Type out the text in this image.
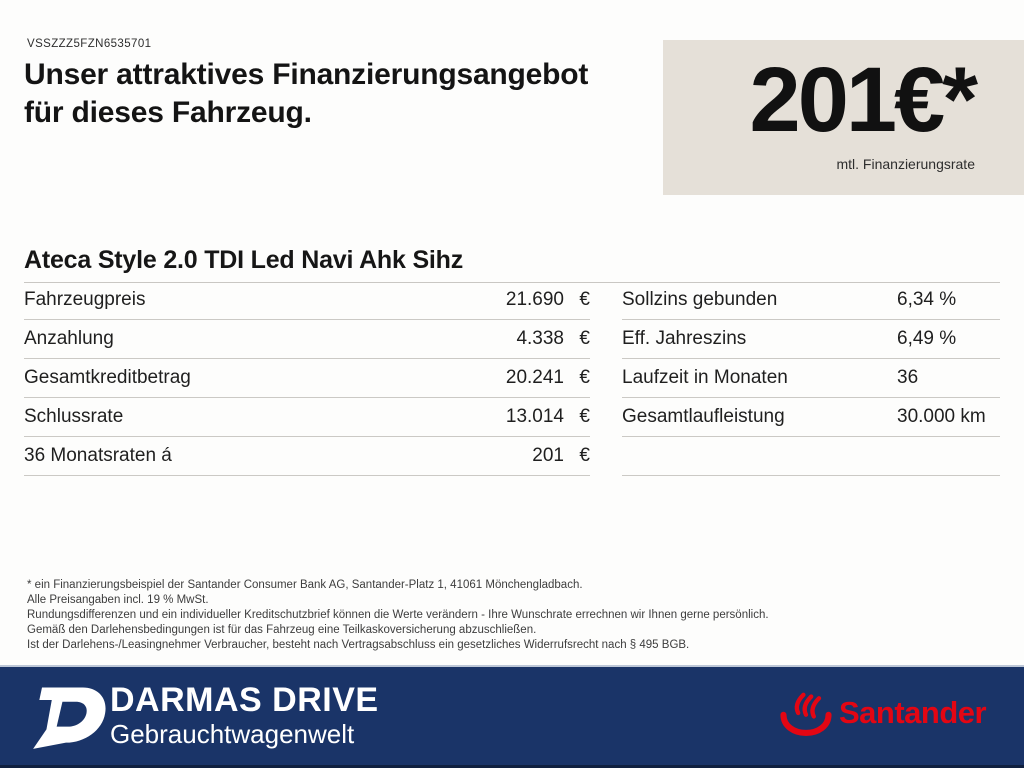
VSSZZZ5FZN6535701
Unser attraktives Finanzierungsangebot
für dieses Fahrzeug.	201€*
mtl. Finanzierungsrate
Ateca Style 2.0 TDI Led Navi Ahk Sihz
Fahrzeugpreis	21.690 €
Anzahlung	4.338 €
Gesamtkreditbetrag	20.241 €
Schlussrate	13.014 €
36 Monatsraten á	201 €
Sollzins gebunden	6,34 %
Eff. Jahreszins	6,49 %
Laufzeit in Monaten	36
Gesamtlaufleistung	30.000 km
* ein Finanzierungsbeispiel der Santander Consumer Bank AG, Santander-Platz 1, 41061 Mönchengladbach.
Alle Preisangaben incl. 19 % MwSt.
Rundungsdifferenzen und ein individueller Kreditschutzbrief können die Werte verändern - Ihre Wunschrate errechnen wir Ihnen gerne persönlich.
Gemäß den Darlehensbedingungen ist für das Fahrzeug eine Teilkaskoversicherung abzuschließen.
Ist der Darlehens-/Leasingnehmer Verbraucher, besteht nach Vertragsabschluss ein gesetzliches Widerrufsrecht nach § 495 BGB.
DARMAS DRIVE
Gebrauchtwagenwelt
Santander
